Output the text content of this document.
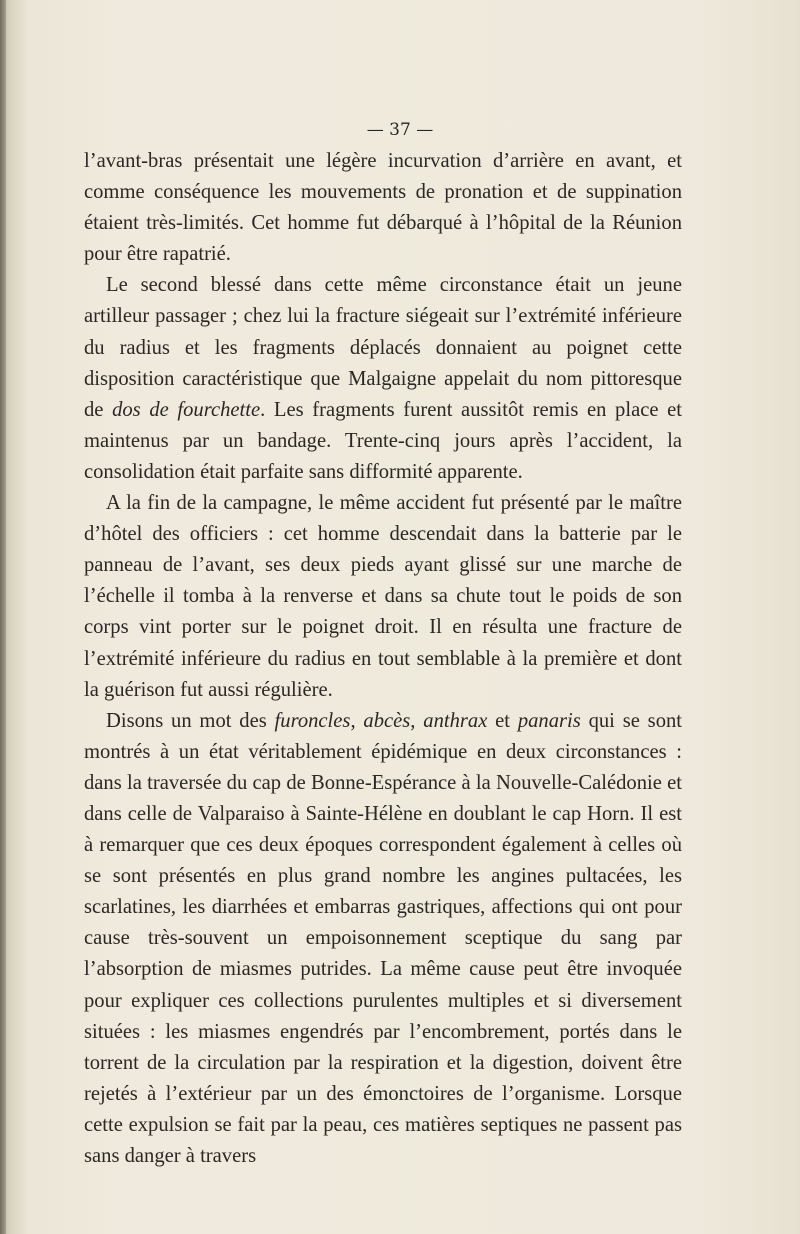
— 37 —

l’avant-bras présentait une légère incurvation d’arrière en avant, et comme conséquence les mouvements de pronation et de suppination étaient très-limités. Cet homme fut débarqué à l’hôpital de la Réunion pour être rapatrié.

Le second blessé dans cette même circonstance était un jeune artilleur passager ; chez lui la fracture siégeait sur l’extrémité inférieure du radius et les fragments déplacés donnaient au poignet cette disposition caractéristique que Malgaigne appelait du nom pittoresque de dos de fourchette. Les fragments furent aussitôt remis en place et maintenus par un bandage. Trente-cinq jours après l’accident, la consolidation était parfaite sans difformité apparente.

A la fin de la campagne, le même accident fut présenté par le maître d’hôtel des officiers : cet homme descendait dans la batterie par le panneau de l’avant, ses deux pieds ayant glissé sur une marche de l’échelle il tomba à la renverse et dans sa chute tout le poids de son corps vint porter sur le poignet droit. Il en résulta une fracture de l’extrémité inférieure du radius en tout semblable à la première et dont la guérison fut aussi régulière.

Disons un mot des furoncles, abcès, anthrax et panaris qui se sont montrés à un état véritablement épidémique en deux circonstances : dans la traversée du cap de Bonne-Espérance à la Nouvelle-Calédonie et dans celle de Valparaiso à Sainte-Hélène en doublant le cap Horn. Il est à remarquer que ces deux époques correspondent également à celles où se sont présentés en plus grand nombre les angines pultacées, les scarlatines, les diarrhées et embarras gastriques, affections qui ont pour cause très-souvent un empoisonnement sceptique du sang par l’absorption de miasmes putrides. La même cause peut être invoquée pour expliquer ces collections purulentes multiples et si diversement situées : les miasmes engendrés par l’encombrement, portés dans le torrent de la circulation par la respiration et la digestion, doivent être rejetés à l’extérieur par un des émonctoires de l’organisme. Lorsque cette expulsion se fait par la peau, ces matières septiques ne passent pas sans danger à travers
